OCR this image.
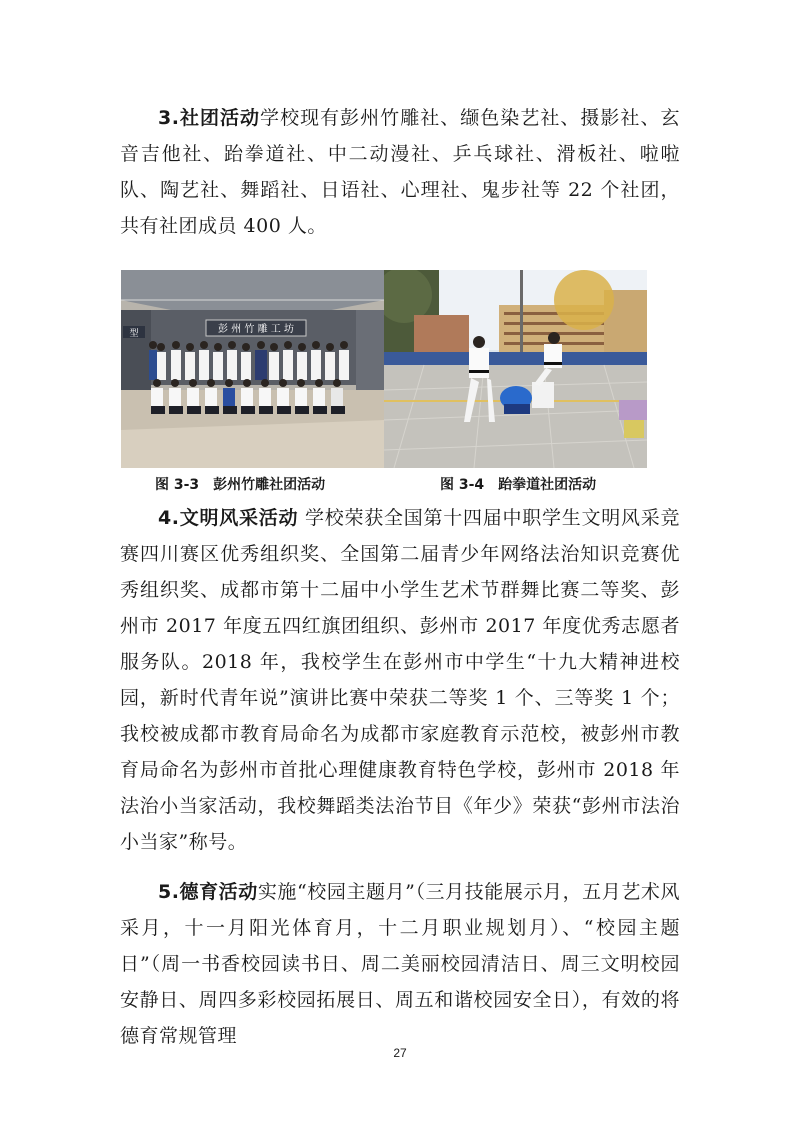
3.社团活动学校现有彭州竹雕社、缬色染艺社、摄影社、玄音吉他社、跆拳道社、中二动漫社、乒乓球社、滑板社、啦啦队、陶艺社、舞蹈社、日语社、心理社、鬼步社等 22 个社团，共有社团成员 400 人。

彭 州 竹 雕 工 坊
型
图 3-3　彭州竹雕社团活动	图 3-4　跆拳道社团活动

4.文明风采活动 学校荣获全国第十四届中职学生文明风采竞赛四川赛区优秀组织奖、全国第二届青少年网络法治知识竞赛优秀组织奖、成都市第十二届中小学生艺术节群舞比赛二等奖、彭州市 2017 年度五四红旗团组织、彭州市 2017 年度优秀志愿者服务队。2018 年，我校学生在彭州市中学生“十九大精神进校园，新时代青年说”演讲比赛中荣获二等奖 1 个、三等奖 1 个；我校被成都市教育局命名为成都市家庭教育示范校，被彭州市教育局命名为彭州市首批心理健康教育特色学校，彭州市 2018 年法治小当家活动，我校舞蹈类法治节目《年少》荣获“彭州市法治小当家”称号。

5.德育活动实施“校园主题月”（三月技能展示月，五月艺术风采月，十一月阳光体育月，十二月职业规划月）、“校园主题日”（周一书香校园读书日、周二美丽校园清洁日、周三文明校园安静日、周四多彩校园拓展日、周五和谐校园安全日），有效的将德育常规管理

27
